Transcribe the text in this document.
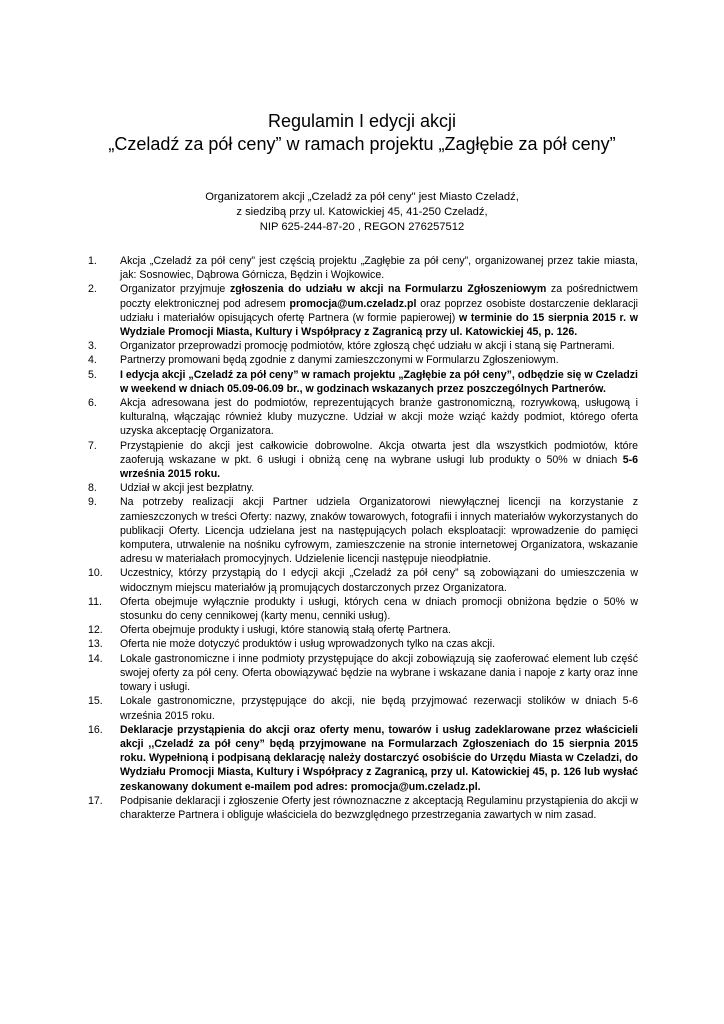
Regulamin I edycji akcji

„Czeladź za pół ceny” w ramach projektu „Zagłębie za pół ceny”

Organizatorem akcji „Czeladź za pół ceny" jest Miasto Czeladź,
z siedzibą przy ul. Katowickiej 45, 41-250 Czeladź,
NIP 625-244-87-20 , REGON 276257512
1.	Akcja „Czeladź za pół ceny” jest częścią projektu „Zagłębie za pół ceny”, organizowanej przez takie miasta, jak: Sosnowiec, Dąbrowa Górnicza, Będzin i Wojkowice.
2.	Organizator przyjmuje zgłoszenia do udziału w akcji na Formularzu Zgłoszeniowym za pośrednictwem poczty elektronicznej pod adresem promocja@um.czeladz.pl oraz poprzez osobiste dostarczenie deklaracji udziału i materiałów opisujących ofertę Partnera (w formie papierowej) w terminie do 15 sierpnia 2015 r. w Wydziale Promocji Miasta, Kultury i Współpracy z Zagranicą przy ul. Katowickiej 45, p. 126.
3.	Organizator przeprowadzi promocję podmiotów, które zgłoszą chęć udziału w akcji i staną się Partnerami.
4.	Partnerzy promowani będą zgodnie z danymi zamieszczonymi w Formularzu Zgłoszeniowym.
5.	I edycja akcji „Czeladź za pół ceny” w ramach projektu „Zagłębie za pół ceny”, odbędzie się w Czeladzi w weekend w dniach 05.09-06.09 br., w godzinach wskazanych przez poszczególnych Partnerów.
6.	Akcja adresowana jest do podmiotów, reprezentujących branże gastronomiczną, rozrywkową, usługową i kulturalną, włączając również kluby muzyczne. Udział w akcji może wziąć każdy podmiot, którego oferta uzyska akceptację Organizatora.
7.	Przystąpienie do akcji jest całkowicie dobrowolne. Akcja otwarta jest dla wszystkich podmiotów, które zaoferują wskazane w pkt. 6 usługi i obniżą cenę na wybrane usługi lub produkty o 50% w dniach 5-6 września 2015 roku.
8.	Udział w akcji jest bezpłatny.
9.	Na potrzeby realizacji akcji Partner udziela Organizatorowi niewyłącznej licencji na korzystanie z zamieszczonych w treści Oferty: nazwy, znaków towarowych, fotografii i innych materiałów wykorzystanych do publikacji Oferty. Licencja udzielana jest na następujących polach eksploatacji: wprowadzenie do pamięci komputera, utrwalenie na nośniku cyfrowym, zamieszczenie na stronie internetowej Organizatora, wskazanie adresu w materiałach promocyjnych. Udzielenie licencji następuje nieodpłatnie.
10.	Uczestnicy, którzy przystąpią do I edycji akcji „Czeladź za pół ceny” są zobowiązani do umieszczenia w widocznym miejscu materiałów ją promujących dostarczonych przez Organizatora.
11.	Oferta obejmuje wyłącznie produkty i usługi, których cena w dniach promocji obniżona będzie o 50% w stosunku do ceny cennikowej (karty menu, cenniki usług).
12.	Oferta obejmuje produkty i usługi, które stanowią stałą ofertę Partnera.
13.	Oferta nie może dotyczyć produktów i usług wprowadzonych tylko na czas akcji.
14.	Lokale gastronomiczne i inne podmioty przystępujące do akcji zobowiązują się zaoferować element lub część swojej oferty za pół ceny. Oferta obowiązywać będzie na wybrane i wskazane dania i napoje z karty oraz inne towary i usługi.
15.	Lokale gastronomiczne, przystępujące do akcji, nie będą przyjmować rezerwacji stolików w dniach 5-6 września 2015 roku.
16.	Deklaracje przystąpienia do akcji oraz oferty menu, towarów i usług zadeklarowane przez właścicieli akcji ,,Czeladź za pół ceny” będą przyjmowane na Formularzach Zgłoszeniach do 15 sierpnia 2015 roku. Wypełnioną i podpisaną deklarację należy dostarczyć osobiście do Urzędu Miasta w Czeladzi, do Wydziału Promocji Miasta, Kultury i Współpracy z Zagranicą, przy ul. Katowickiej 45, p. 126 lub wysłać zeskanowany dokument e-mailem pod adres: promocja@um.czeladz.pl.
17.	Podpisanie deklaracji i zgłoszenie Oferty jest równoznaczne z akceptacją Regulaminu przystąpienia do akcji w charakterze Partnera i obliguje właściciela do bezwzględnego przestrzegania zawartych w nim zasad.
